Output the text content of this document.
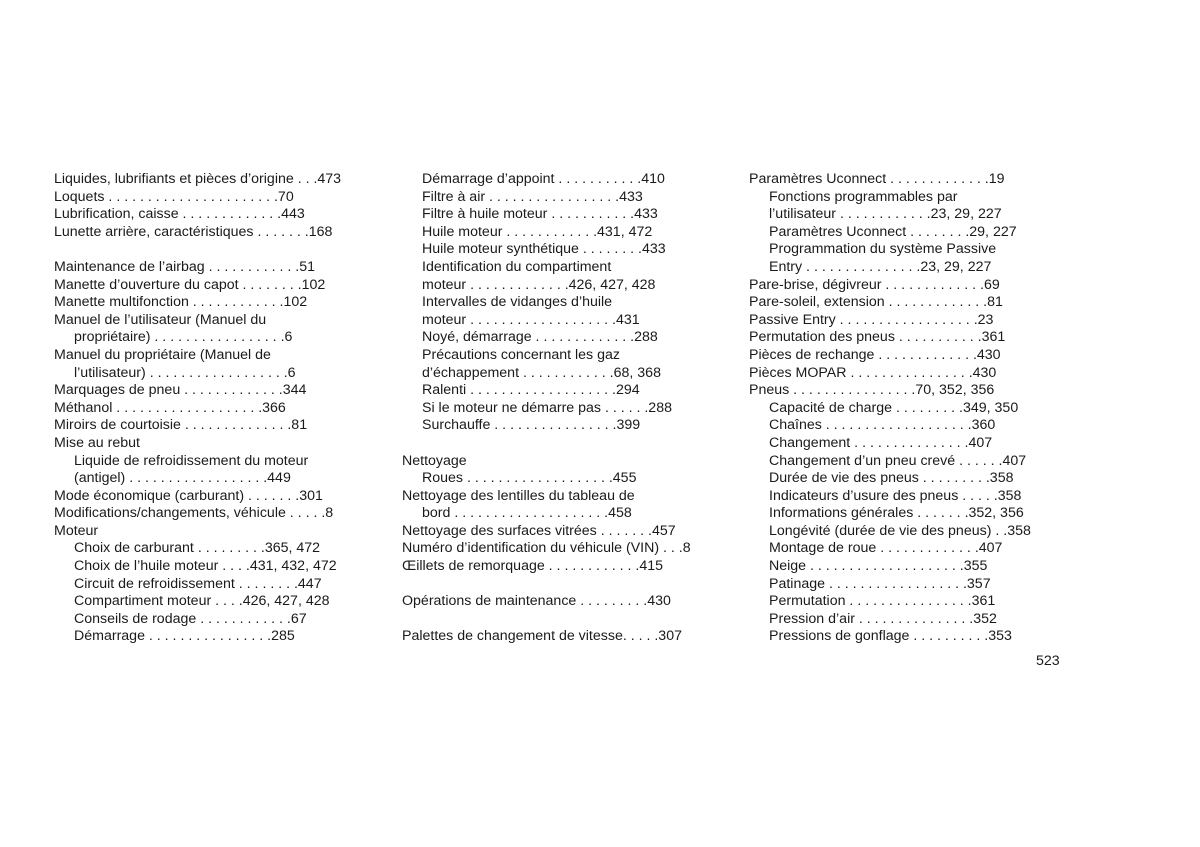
Liquides, lubrifiants et pièces d’origine . . .473
Loquets . . . . . . . . . . . . . . . . . . . . . .70
Lubrification, caisse . . . . . . . . . . . . .443
Lunette arrière, caractéristiques . . . . . . .168
Maintenance de l’airbag . . . . . . . . . . . .51
Manette d’ouverture du capot . . . . . . . .102
Manette multifonction . . . . . . . . . . . .102
Manuel de l’utilisateur (Manuel du
propriétaire) . . . . . . . . . . . . . . . . .6
Manuel du propriétaire (Manuel de
l’utilisateur) . . . . . . . . . . . . . . . . . .6
Marquages de pneu . . . . . . . . . . . . .344
Méthanol . . . . . . . . . . . . . . . . . . .366
Miroirs de courtoisie . . . . . . . . . . . . . .81
Mise au rebut
Liquide de refroidissement du moteur
(antigel) . . . . . . . . . . . . . . . . . .449
Mode économique (carburant) . . . . . . .301
Modifications/changements, véhicule . . . . .8
Moteur
Choix de carburant . . . . . . . . .365, 472
Choix de l’huile moteur . . . .431, 432, 472
Circuit de refroidissement . . . . . . . .447
Compartiment moteur . . . .426, 427, 428
Conseils de rodage . . . . . . . . . . . .67
Démarrage . . . . . . . . . . . . . . . .285
Démarrage d’appoint . . . . . . . . . . .410
Filtre à air . . . . . . . . . . . . . . . . .433
Filtre à huile moteur . . . . . . . . . . .433
Huile moteur . . . . . . . . . . . .431, 472
Huile moteur synthétique . . . . . . . .433
Identification du compartiment
moteur . . . . . . . . . . . . .426, 427, 428
Intervalles de vidanges d’huile
moteur . . . . . . . . . . . . . . . . . . .431
Noyé, démarrage . . . . . . . . . . . . .288
Précautions concernant les gaz
d’échappement . . . . . . . . . . . .68, 368
Ralenti . . . . . . . . . . . . . . . . . . .294
Si le moteur ne démarre pas . . . . . .288
Surchauffe . . . . . . . . . . . . . . . .399
Nettoyage
Roues . . . . . . . . . . . . . . . . . . .455
Nettoyage des lentilles du tableau de
bord . . . . . . . . . . . . . . . . . . . .458
Nettoyage des surfaces vitrées . . . . . . .457
Numéro d’identification du véhicule (VIN) . . .8
Œillets de remorquage . . . . . . . . . . . .415
Opérations de maintenance . . . . . . . . .430
Palettes de changement de vitesse. . . . .307
Paramètres Uconnect . . . . . . . . . . . . .19
Fonctions programmables par
l’utilisateur . . . . . . . . . . . .23, 29, 227
Paramètres Uconnect . . . . . . . .29, 227
Programmation du système Passive
Entry . . . . . . . . . . . . . . .23, 29, 227
Pare-brise, dégivreur . . . . . . . . . . . . .69
Pare-soleil, extension . . . . . . . . . . . . .81
Passive Entry . . . . . . . . . . . . . . . . . .23
Permutation des pneus . . . . . . . . . . .361
Pièces de rechange . . . . . . . . . . . . .430
Pièces MOPAR . . . . . . . . . . . . . . . .430
Pneus . . . . . . . . . . . . . . . .70, 352, 356
Capacité de charge . . . . . . . . .349, 350
Chaînes . . . . . . . . . . . . . . . . . . .360
Changement . . . . . . . . . . . . . . .407
Changement d’un pneu crevé . . . . . .407
Durée de vie des pneus . . . . . . . . .358
Indicateurs d’usure des pneus . . . . .358
Informations générales . . . . . . .352, 356
Longévité (durée de vie des pneus) . .358
Montage de roue . . . . . . . . . . . . .407
Neige . . . . . . . . . . . . . . . . . . . .355
Patinage . . . . . . . . . . . . . . . . . .357
Permutation . . . . . . . . . . . . . . . .361
Pression d’air . . . . . . . . . . . . . . .352
Pressions de gonflage . . . . . . . . . .353
523
